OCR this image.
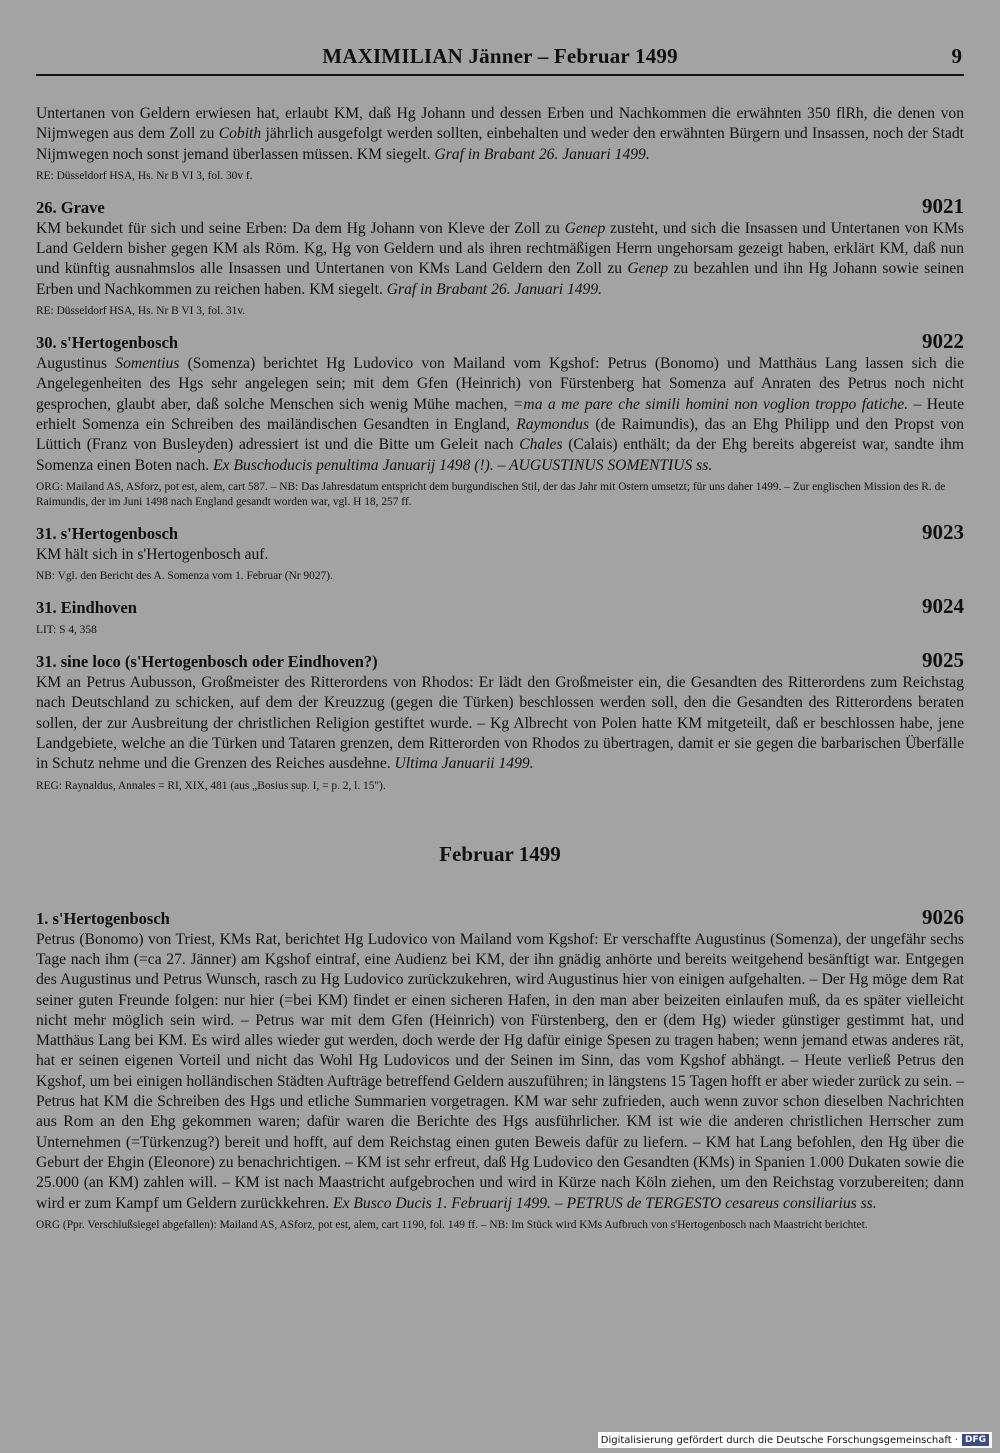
MAXIMILIAN Jänner – Februar 1499	9

Untertanen von Geldern erwiesen hat, erlaubt KM, daß Hg Johann und dessen Erben und Nachkommen die erwähnten 350 flRh, die denen von Nijmwegen aus dem Zoll zu Cobith jährlich ausgefolgt werden sollten, einbehalten und weder den erwähnten Bürgern und Insassen, noch der Stadt Nijmwegen noch sonst jemand überlassen müssen. KM siegelt. Graf in Brabant 26. Januari 1499.

RE: Düsseldorf HSA, Hs. Nr B VI 3, fol. 30v f.

26. Grave	9021

KM bekundet für sich und seine Erben: Da dem Hg Johann von Kleve der Zoll zu Genep zusteht, und sich die Insassen und Untertanen von KMs Land Geldern bisher gegen KM als Röm. Kg, Hg von Geldern und als ihren rechtmäßigen Herrn ungehorsam gezeigt haben, erklärt KM, daß nun und künftig ausnahmslos alle Insassen und Untertanen von KMs Land Geldern den Zoll zu Genep zu bezahlen und ihn Hg Johann sowie seinen Erben und Nachkommen zu reichen haben. KM siegelt. Graf in Brabant 26. Januari 1499.

RE: Düsseldorf HSA, Hs. Nr B VI 3, fol. 31v.

30. s'Hertogenbosch	9022

Augustinus Somentius (Somenza) berichtet Hg Ludovico von Mailand vom Kgshof: Petrus (Bonomo) und Matthäus Lang lassen sich die Angelegenheiten des Hgs sehr angelegen sein; mit dem Gfen (Heinrich) von Fürstenberg hat Somenza auf Anraten des Petrus noch nicht gesprochen, glaubt aber, daß solche Menschen sich wenig Mühe machen, =ma a me pare che simili homini non voglion troppo fatiche. – Heute erhielt Somenza ein Schreiben des mailändischen Gesandten in England, Raymondus (de Raimundis), das an Ehg Philipp und den Propst von Lüttich (Franz von Busleyden) adressiert ist und die Bitte um Geleit nach Chales (Calais) enthält; da der Ehg bereits abgereist war, sandte ihm Somenza einen Boten nach. Ex Buschoducis penultima Januarij 1498 (!). – AUGUSTINUS SOMENTIUS ss.

ORG: Mailand AS, ASforz, pot est, alem, cart 587. – NB: Das Jahresdatum entspricht dem burgundischen Stil, der das Jahr mit Ostern umsetzt; für uns daher 1499. – Zur englischen Mission des R. de Raimundis, der im Juni 1498 nach England gesandt worden war, vgl. H 18, 257 ff.

31. s'Hertogenbosch	9023

KM hält sich in s'Hertogenbosch auf.

NB: Vgl. den Bericht des A. Somenza vom 1. Februar (Nr 9027).

31. Eindhoven	9024

LIT: S 4, 358

31. sine loco (s'Hertogenbosch oder Eindhoven?)	9025

KM an Petrus Aubusson, Großmeister des Ritterordens von Rhodos: Er lädt den Großmeister ein, die Gesandten des Ritterordens zum Reichstag nach Deutschland zu schicken, auf dem der Kreuzzug (gegen die Türken) beschlossen werden soll, den die Gesandten des Ritterordens beraten sollen, der zur Ausbreitung der christlichen Religion gestiftet wurde. – Kg Albrecht von Polen hatte KM mitgeteilt, daß er beschlossen habe, jene Landgebiete, welche an die Türken und Tataren grenzen, dem Ritterorden von Rhodos zu übertragen, damit er sie gegen die barbarischen Überfälle in Schutz nehme und die Grenzen des Reiches ausdehne. Ultima Januarii 1499.

REG: Raynaldus, Annales = RI, XIX, 481 (aus „Bosius sup. I, = p. 2, l. 15").

Februar 1499
1. s'Hertogenbosch	9026

Petrus (Bonomo) von Triest, KMs Rat, berichtet Hg Ludovico von Mailand vom Kgshof: Er verschaffte Augustinus (Somenza), der ungefähr sechs Tage nach ihm (=ca 27. Jänner) am Kgshof eintraf, eine Audienz bei KM, der ihn gnädig anhörte und bereits weitgehend besänftigt war. Entgegen des Augustinus und Petrus Wunsch, rasch zu Hg Ludovico zurückzukehren, wird Augustinus hier von einigen aufgehalten. – Der Hg möge dem Rat seiner guten Freunde folgen: nur hier (=bei KM) findet er einen sicheren Hafen, in den man aber beizeiten einlaufen muß, da es später vielleicht nicht mehr möglich sein wird. – Petrus war mit dem Gfen (Heinrich) von Fürstenberg, den er (dem Hg) wieder günstiger gestimmt hat, und Matthäus Lang bei KM. Es wird alles wieder gut werden, doch werde der Hg dafür einige Spesen zu tragen haben; wenn jemand etwas anderes rät, hat er seinen eigenen Vorteil und nicht das Wohl Hg Ludovicos und der Seinen im Sinn, das vom Kgshof abhängt. – Heute verließ Petrus den Kgshof, um bei einigen holländischen Städten Aufträge betreffend Geldern auszuführen; in längstens 15 Tagen hofft er aber wieder zurück zu sein. – Petrus hat KM die Schreiben des Hgs und etliche Summarien vorgetragen. KM war sehr zufrieden, auch wenn zuvor schon dieselben Nachrichten aus Rom an den Ehg gekommen waren; dafür waren die Berichte des Hgs ausführlicher. KM ist wie die anderen christlichen Herrscher zum Unternehmen (=Türkenzug?) bereit und hofft, auf dem Reichstag einen guten Beweis dafür zu liefern. – KM hat Lang befohlen, den Hg über die Geburt der Ehgin (Eleonore) zu benachrichtigen. – KM ist sehr erfreut, daß Hg Ludovico den Gesandten (KMs) in Spanien 1.000 Dukaten sowie die 25.000 (an KM) zahlen will. – KM ist nach Maastricht aufgebrochen und wird in Kürze nach Köln ziehen, um den Reichstag vorzubereiten; dann wird er zum Kampf um Geldern zurückkehren. Ex Busco Ducis 1. Februarij 1499. – PETRUS de TERGESTO cesareus consiliarius ss.

ORG (Ppr. Verschlußsiegel abgefallen): Mailand AS, ASforz, pot est, alem, cart 1190, fol. 149 ff. – NB: Im Stück wird KMs Aufbruch von s'Hertogenbosch nach Maastricht berichtet.

Digitalisierung gefördert durch die Deutsche Forschungsgemeinschaft · DFG
